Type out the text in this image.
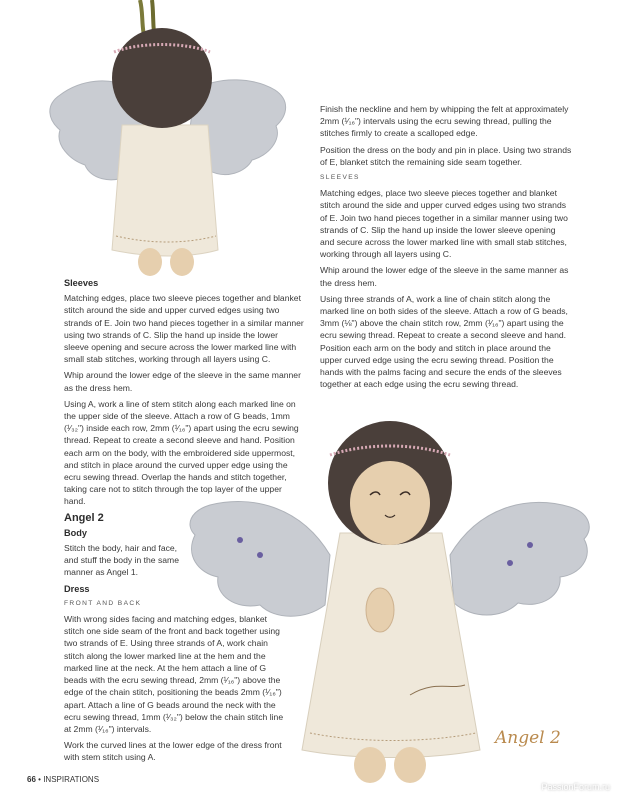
Finish the neckline and hem by whipping the felt at approximately 2mm (¹⁄₁₆") intervals using the ecru sewing thread, pulling the stitches firmly to create a scalloped edge.

Position the dress on the body and pin in place. Using two strands of E, blanket stitch the remaining side seam together.

SLEEVES

Matching edges, place two sleeve pieces together and blanket stitch around the side and upper curved edges using two strands of E. Join two hand pieces together in a similar manner using two strands of C. Slip the hand up inside the lower sleeve opening and secure across the lower marked line with small stab stitches, working through all layers using C.

Whip around the lower edge of the sleeve in the same manner as the dress hem.

Using three strands of A, work a line of chain stitch along the marked line on both sides of the sleeve. Attach a row of G beads, 3mm (⅛") above the chain stitch row, 2mm (¹⁄₁₆") apart using the ecru sewing thread. Repeat to create a second sleeve and hand. Position each arm on the body and stitch in place around the upper curved edge using the ecru sewing thread. Position the hands with the palms facing and secure the ends of the sleeves together at each edge using the ecru sewing thread.

Sleeves

Matching edges, place two sleeve pieces together and blanket stitch around the side and upper curved edges using two strands of E. Join two hand pieces together in a similar manner using two strands of C. Slip the hand up inside the lower sleeve opening and secure across the lower marked line with small stab stitches, working through all layers using C.

Whip around the lower edge of the sleeve in the same manner as the dress hem.

Using A, work a line of stem stitch along each marked line on the upper side of the sleeve. Attach a row of G beads, 1mm (¹⁄₃₂") inside each row, 2mm (¹⁄₁₆") apart using the ecru sewing thread. Repeat to create a second sleeve and hand. Position each arm on the body, with the embroidered side uppermost, and stitch in place around the curved upper edge using the ecru sewing thread. Overlap the hands and stitch together, taking care not to stitch through the top layer of the upper hand.

Angel 2
Body

Stitch the body, hair and face, and stuff the body in the same manner as Angel 1.

Dress
FRONT AND BACK

With wrong sides facing and matching edges, blanket stitch one side seam of the front and back together using two strands of E. Using three strands of A, work chain stitch along the lower marked line at the hem and the marked line at the neck. At the hem attach a line of G beads with the ecru sewing thread, 2mm (¹⁄₁₆") above the edge of the chain stitch, positioning the beads 2mm (¹⁄₁₆") apart. Attach a line of G beads around the neck with the ecru sewing thread, 1mm (¹⁄₃₂") below the chain stitch line at 2mm (¹⁄₁₆") intervals.

Work the curved lines at the lower edge of the dress front with stem stitch using A.

Angel 2
66 • INSPIRATIONS
PassionForum.ru
